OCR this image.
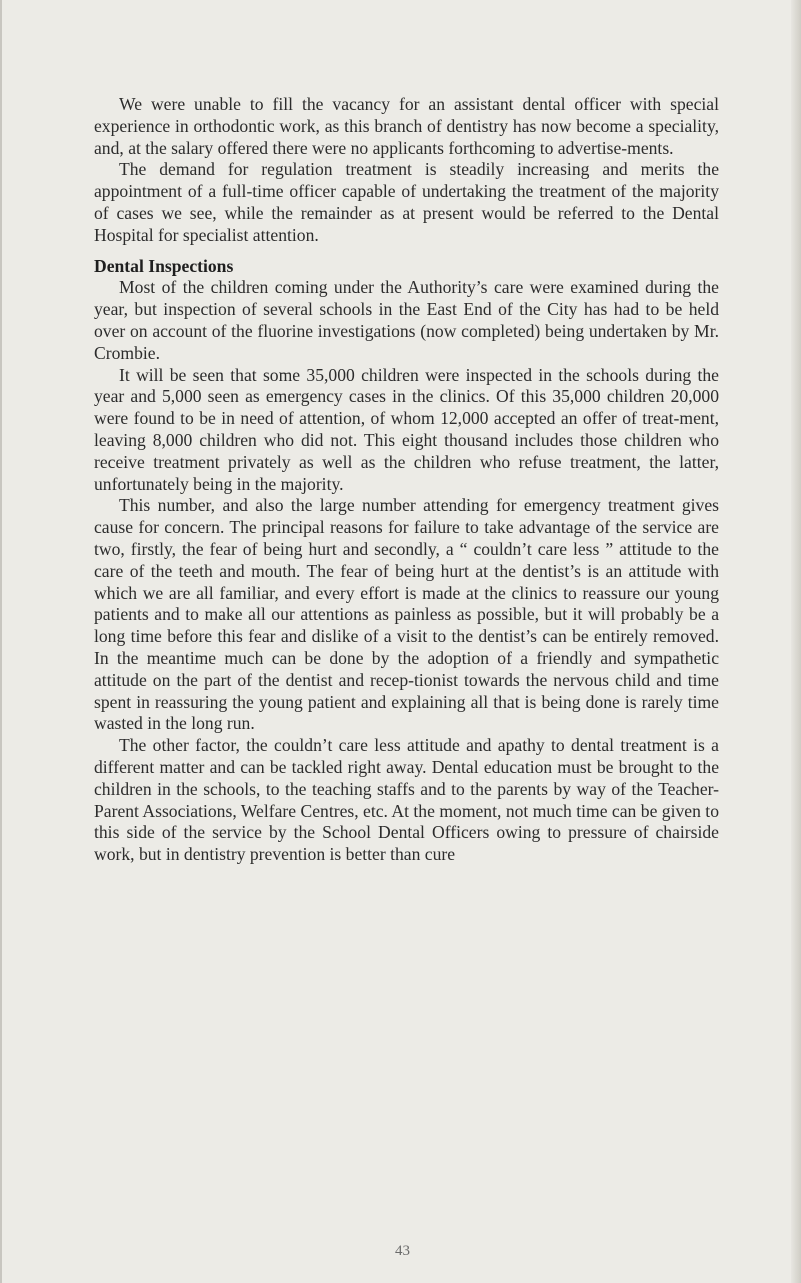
We were unable to fill the vacancy for an assistant dental officer with special experience in orthodontic work, as this branch of dentistry has now become a speciality, and, at the salary offered there were no applicants forthcoming to advertise-ments.

The demand for regulation treatment is steadily increasing and merits the appointment of a full-time officer capable of undertaking the treatment of the majority of cases we see, while the remainder as at present would be referred to the Dental Hospital for specialist attention.

Dental Inspections

Most of the children coming under the Authority’s care were examined during the year, but inspection of several schools in the East End of the City has had to be held over on account of the fluorine investigations (now completed) being undertaken by Mr. Crombie.

It will be seen that some 35,000 children were inspected in the schools during the year and 5,000 seen as emergency cases in the clinics. Of this 35,000 children 20,000 were found to be in need of attention, of whom 12,000 accepted an offer of treat-ment, leaving 8,000 children who did not. This eight thousand includes those children who receive treatment privately as well as the children who refuse treatment, the latter, unfortunately being in the majority.

This number, and also the large number attending for emergency treatment gives cause for concern. The principal reasons for failure to take advantage of the service are two, firstly, the fear of being hurt and secondly, a “ couldn’t care less ” attitude to the care of the teeth and mouth. The fear of being hurt at the dentist’s is an attitude with which we are all familiar, and every effort is made at the clinics to reassure our young patients and to make all our attentions as painless as possible, but it will probably be a long time before this fear and dislike of a visit to the dentist’s can be entirely removed. In the meantime much can be done by the adoption of a friendly and sympathetic attitude on the part of the dentist and recep-tionist towards the nervous child and time spent in reassuring the young patient and explaining all that is being done is rarely time wasted in the long run.

The other factor, the couldn’t care less attitude and apathy to dental treatment is a different matter and can be tackled right away. Dental education must be brought to the children in the schools, to the teaching staffs and to the parents by way of the Teacher-Parent Associations, Welfare Centres, etc. At the moment, not much time can be given to this side of the service by the School Dental Officers owing to pressure of chairside work, but in dentistry prevention is better than cure

43
